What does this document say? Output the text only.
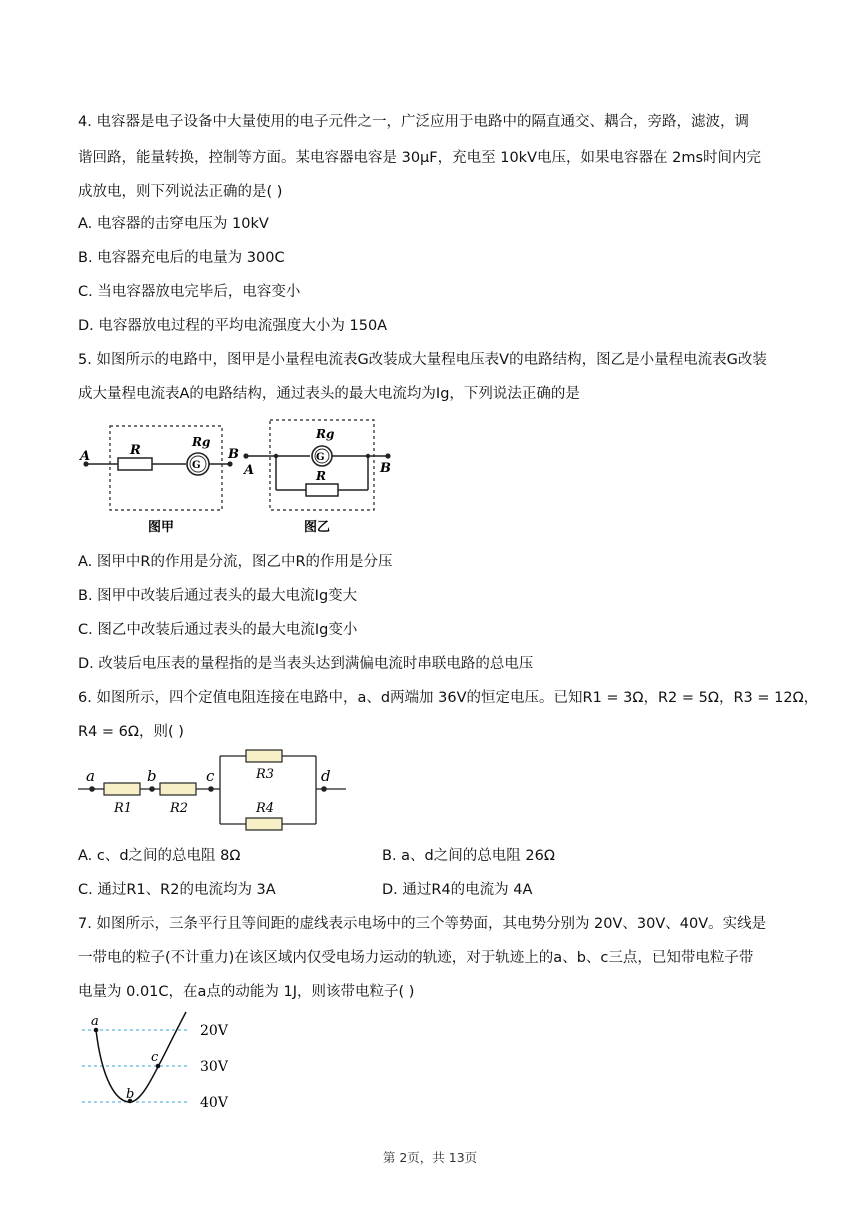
4. 电容器是电子设备中大量使用的电子元件之一，广泛应用于电路中的隔直通交、耦合，旁路，滤波，调
谐回路，能量转换，控制等方面。某电容器电容是 30μF，充电至 10kV电压，如果电容器在 2ms时间内完
成放电，则下列说法正确的是( )
A. 电容器的击穿电压为 10kV
B. 电容器充电后的电量为 300C
C. 当电容器放电完毕后，电容变小
D. 电容器放电过程的平均电流强度大小为 150A
5. 如图所示的电路中，图甲是小量程电流表G改装成大量程电压表V的电路结构，图乙是小量程电流表G改装
成大量程电流表A的电路结构，通过表头的最大电流均为Ig，下列说法正确的是
A	B
R
G
Rg
图甲
A	B
Rg
G
R
图乙
A. 图甲中R的作用是分流，图乙中R的作用是分压
B. 图甲中改装后通过表头的最大电流Ig变大
C. 图乙中改装后通过表头的最大电流Ig变小
D. 改装后电压表的量程指的是当表头达到满偏电流时串联电路的总电压
6. 如图所示，四个定值电阻连接在电路中，a、d两端加 36V的恒定电压。已知R1 = 3Ω，R2 = 5Ω，R3 = 12Ω，
R4 = 6Ω，则( )
a	b	c	d
R1	R2
R3
R4
A. c、d之间的总电阻 8Ω	B. a、d之间的总电阻 26Ω
C. 通过R1、R2的电流均为 3A	D. 通过R4的电流为 4A
7. 如图所示，三条平行且等间距的虚线表示电场中的三个等势面，其电势分别为 20V、30V、40V。实线是
一带电的粒子(不计重力)在该区域内仅受电场力运动的轨迹，对于轨迹上的a、b、c三点，已知带电粒子带
电量为 0.01C，在a点的动能为 1J，则该带电粒子( )
a
b
c
20V
30V
40V
第 2页，共 13页
